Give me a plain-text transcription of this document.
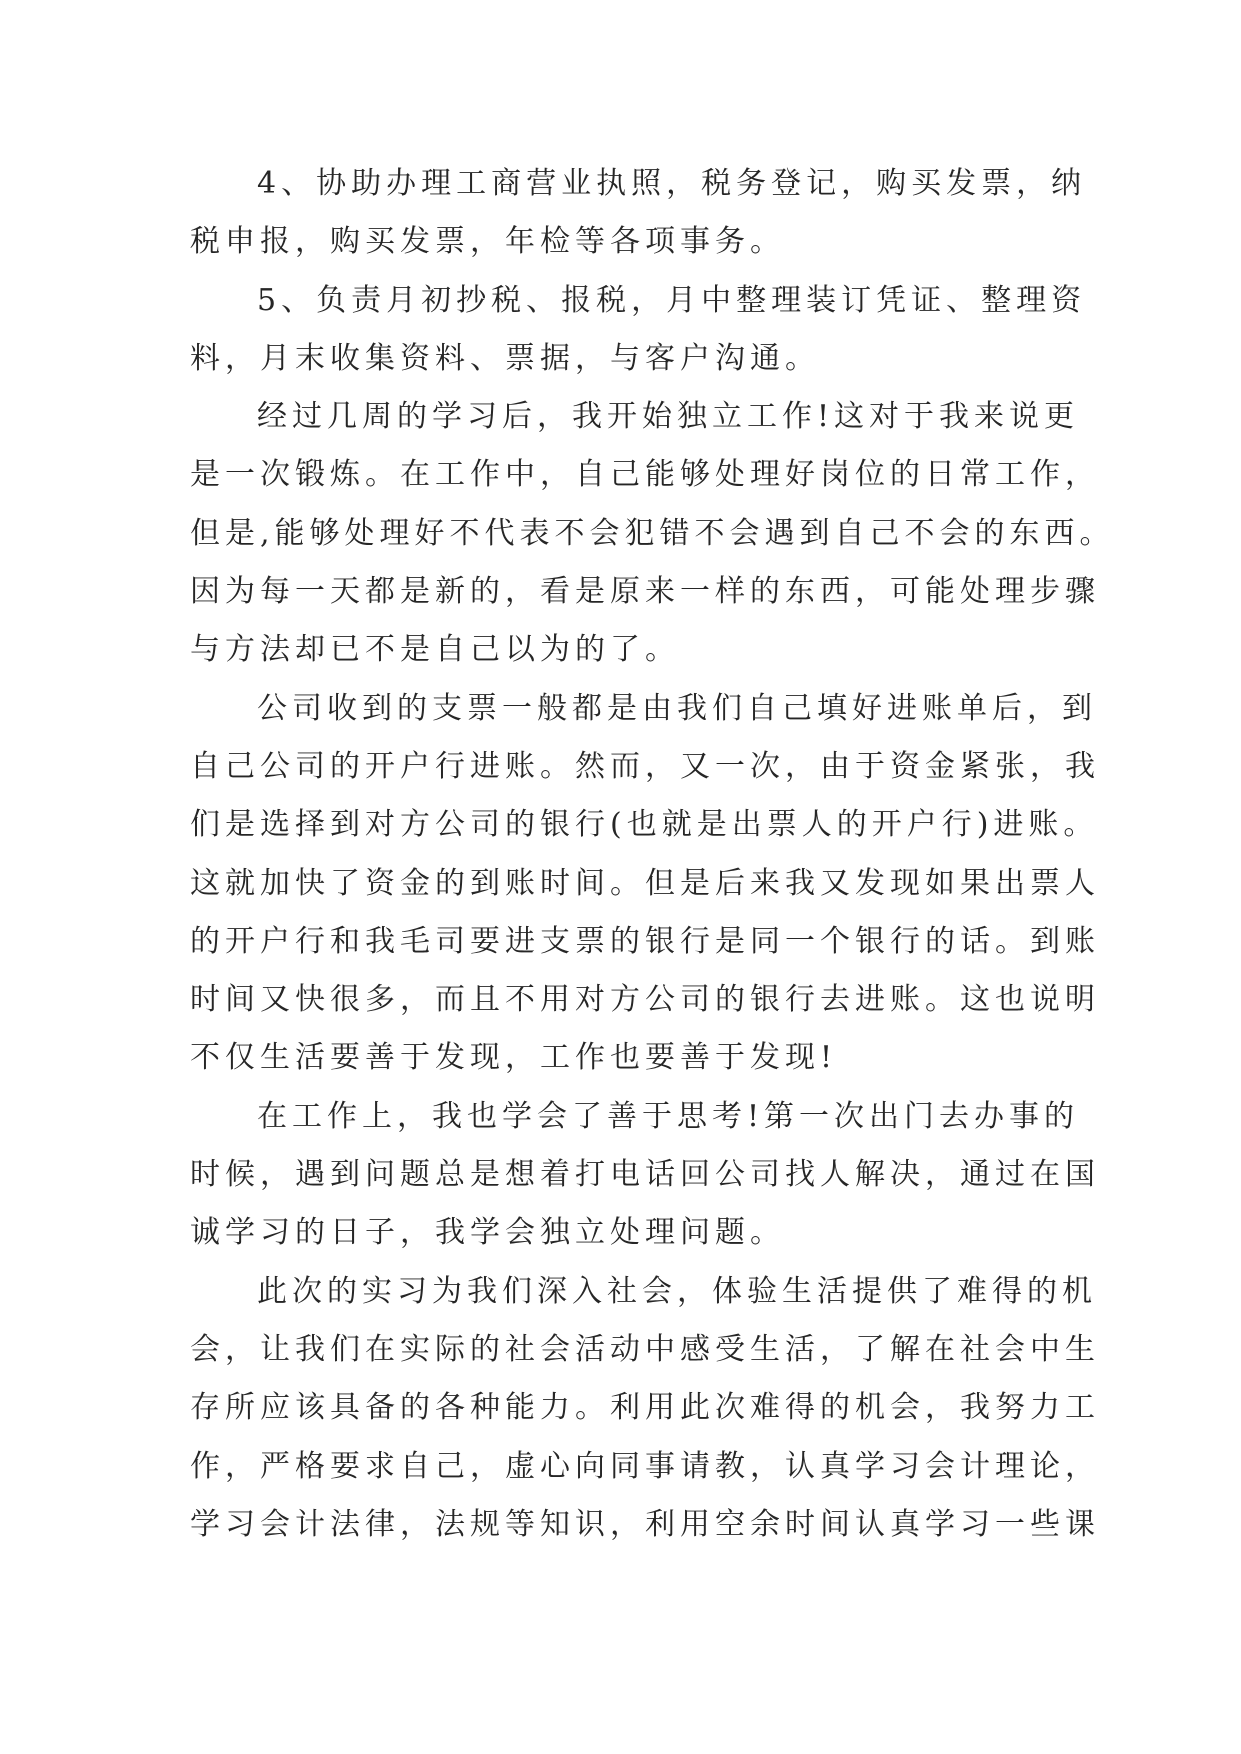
4、协助办理工商营业执照，税务登记，购买发票，纳
税申报，购买发票，年检等各项事务。
5、负责月初抄税、报税，月中整理装订凭证、整理资
料，月末收集资料、票据，与客户沟通。
经过几周的学习后，我开始独立工作!这对于我来说更
是一次锻炼。在工作中，自己能够处理好岗位的日常工作，
但是,能够处理好不代表不会犯错不会遇到自己不会的东西。
因为每一天都是新的，看是原来一样的东西，可能处理步骤
与方法却已不是自己以为的了。
公司收到的支票一般都是由我们自己填好进账单后，到
自己公司的开户行进账。然而，又一次，由于资金紧张，我
们是选择到对方公司的银行(也就是出票人的开户行)进账。
这就加快了资金的到账时间。但是后来我又发现如果出票人
的开户行和我毛司要进支票的银行是同一个银行的话。到账
时间又快很多，而且不用对方公司的银行去进账。这也说明
不仅生活要善于发现，工作也要善于发现!
在工作上，我也学会了善于思考!第一次出门去办事的
时候，遇到问题总是想着打电话回公司找人解决，通过在国
诚学习的日子，我学会独立处理问题。
此次的实习为我们深入社会，体验生活提供了难得的机
会，让我们在实际的社会活动中感受生活，了解在社会中生
存所应该具备的各种能力。利用此次难得的机会，我努力工
作，严格要求自己，虚心向同事请教，认真学习会计理论，
学习会计法律，法规等知识，利用空余时间认真学习一些课
